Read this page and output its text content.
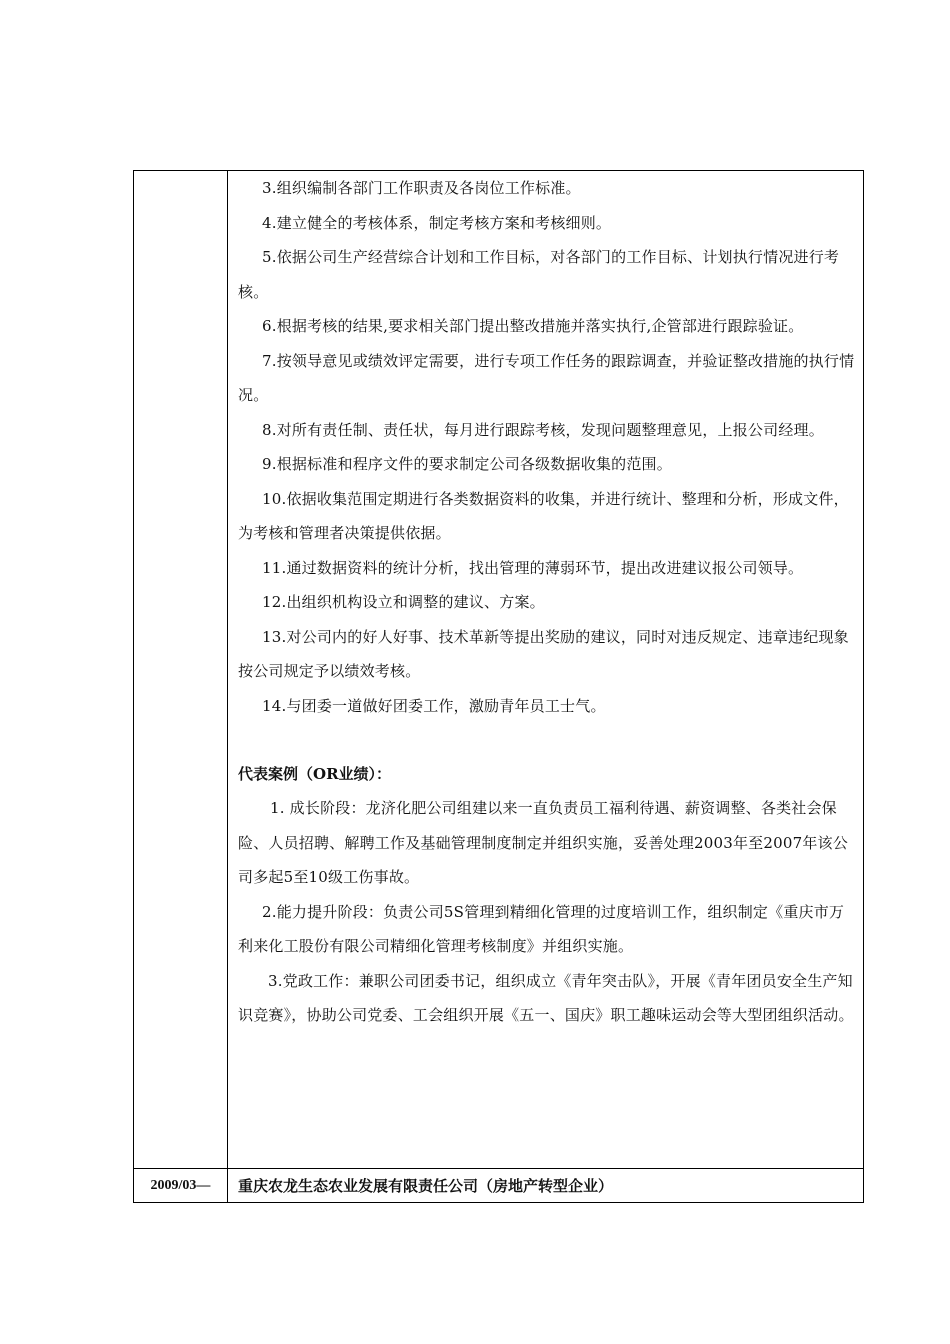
3.组织编制各部门工作职责及各岗位工作标准。

4.建立健全的考核体系，制定考核方案和考核细则。

5.依据公司生产经营综合计划和工作目标，对各部门的工作目标、计划执行情况进行考核。

6.根据考核的结果,要求相关部门提出整改措施并落实执行,企管部进行跟踪验证。

7.按领导意见或绩效评定需要，进行专项工作任务的跟踪调查，并验证整改措施的执行情况。

8.对所有责任制、责任状，每月进行跟踪考核，发现问题整理意见，上报公司经理。

9.根据标准和程序文件的要求制定公司各级数据收集的范围。

10.依据收集范围定期进行各类数据资料的收集，并进行统计、整理和分析，形成文件，为考核和管理者决策提供依据。

11.通过数据资料的统计分析，找出管理的薄弱环节，提出改进建议报公司领导。

12.出组织机构设立和调整的建议、方案。

13.对公司内的好人好事、技术革新等提出奖励的建议，同时对违反规定、违章违纪现象按公司规定予以绩效考核。

14.与团委一道做好团委工作，激励青年员工士气。

代表案例（OR业绩）：

1. 成长阶段：龙济化肥公司组建以来一直负责员工福利待遇、薪资调整、各类社会保险、人员招聘、解聘工作及基础管理制度制定并组织实施，妥善处理2003年至2007年该公司多起5至10级工伤事故。

2.能力提升阶段：负责公司5S管理到精细化管理的过度培训工作，组织制定《重庆市万利来化工股份有限公司精细化管理考核制度》并组织实施。

3.党政工作：兼职公司团委书记，组织成立《青年突击队》，开展《青年团员安全生产知识竞赛》，协助公司党委、工会组织开展《五一、国庆》职工趣味运动会等大型团组织活动。

2009/03—	重庆农龙生态农业发展有限责任公司（房地产转型企业）
